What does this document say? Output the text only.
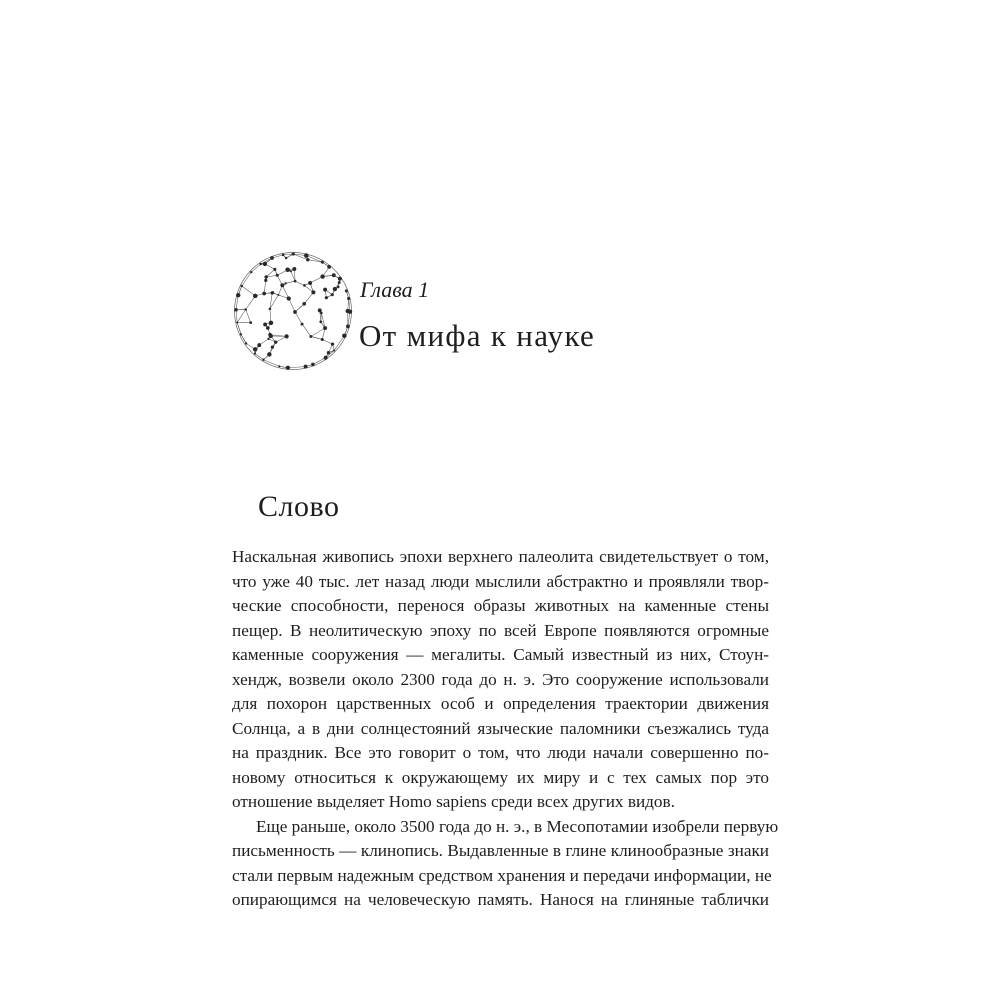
Глава 1
От мифа к науке
Слово
Наскальная живопись эпохи верхнего палеолита свидетельствует о том,
что уже 40 тыс. лет назад люди мыслили абстрактно и проявляли твор-
ческие способности, перенося образы животных на каменные стены
пещер. В неолитическую эпоху по всей Европе появляются огромные
каменные сооружения — мегалиты. Самый известный из них, Стоун-
хендж, возвели около 2300 года до н. э. Это сооружение использовали
для похорон царственных особ и определения траектории движения
Солнца, а в дни солнцестояний языческие паломники съезжались туда
на праздник. Все это говорит о том, что люди начали совершенно по-
новому относиться к окружающему их миру и с тех самых пор это
отношение выделяет Homo sapiens среди всех других видов.
Еще раньше, около 3500 года до н. э., в Месопотамии изобрели первую
письменность — клинопись. Выдавленные в глине клинообразные знаки
стали первым надежным средством хранения и передачи информации, не
опирающимся на человеческую память. Нанося на глиняные таблички
